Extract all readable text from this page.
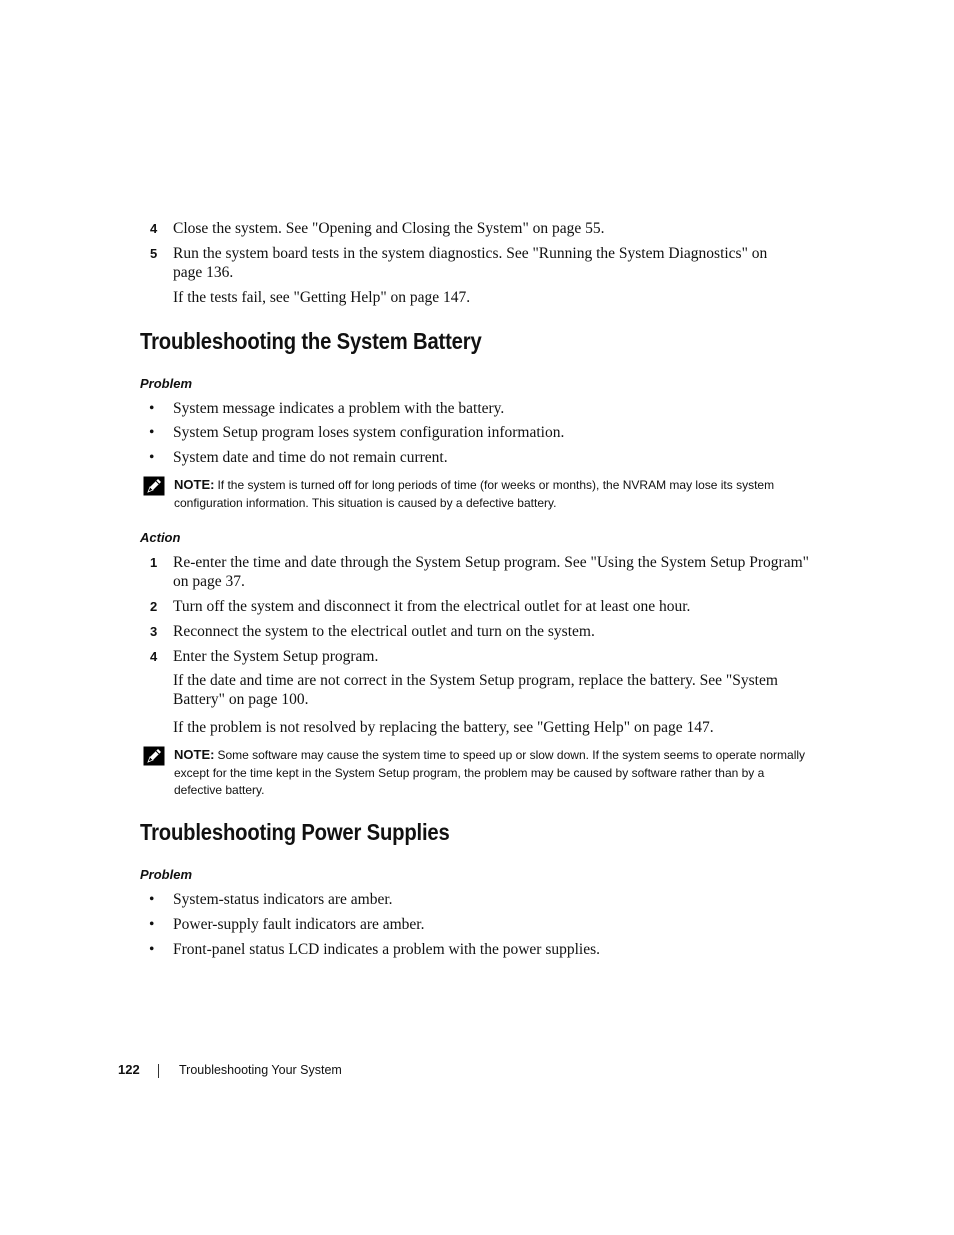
4 Close the system. See "Opening and Closing the System" on page 55.
5 Run the system board tests in the system diagnostics. See "Running the System Diagnostics" on page 136.
If the tests fail, see "Getting Help" on page 147.
Troubleshooting the System Battery
Problem
• System message indicates a problem with the battery.
• System Setup program loses system configuration information.
• System date and time do not remain current.
NOTE: If the system is turned off for long periods of time (for weeks or months), the NVRAM may lose its system configuration information. This situation is caused by a defective battery.
Action
1 Re-enter the time and date through the System Setup program. See "Using the System Setup Program" on page 37.
2 Turn off the system and disconnect it from the electrical outlet for at least one hour.
3 Reconnect the system to the electrical outlet and turn on the system.
4 Enter the System Setup program.
If the date and time are not correct in the System Setup program, replace the battery. See "System Battery" on page 100.
If the problem is not resolved by replacing the battery, see "Getting Help" on page 147.
NOTE: Some software may cause the system time to speed up or slow down. If the system seems to operate normally except for the time kept in the System Setup program, the problem may be caused by software rather than by a defective battery.
Troubleshooting Power Supplies
Problem
• System-status indicators are amber.
• Power-supply fault indicators are amber.
• Front-panel status LCD indicates a problem with the power supplies.
122	Troubleshooting Your System
